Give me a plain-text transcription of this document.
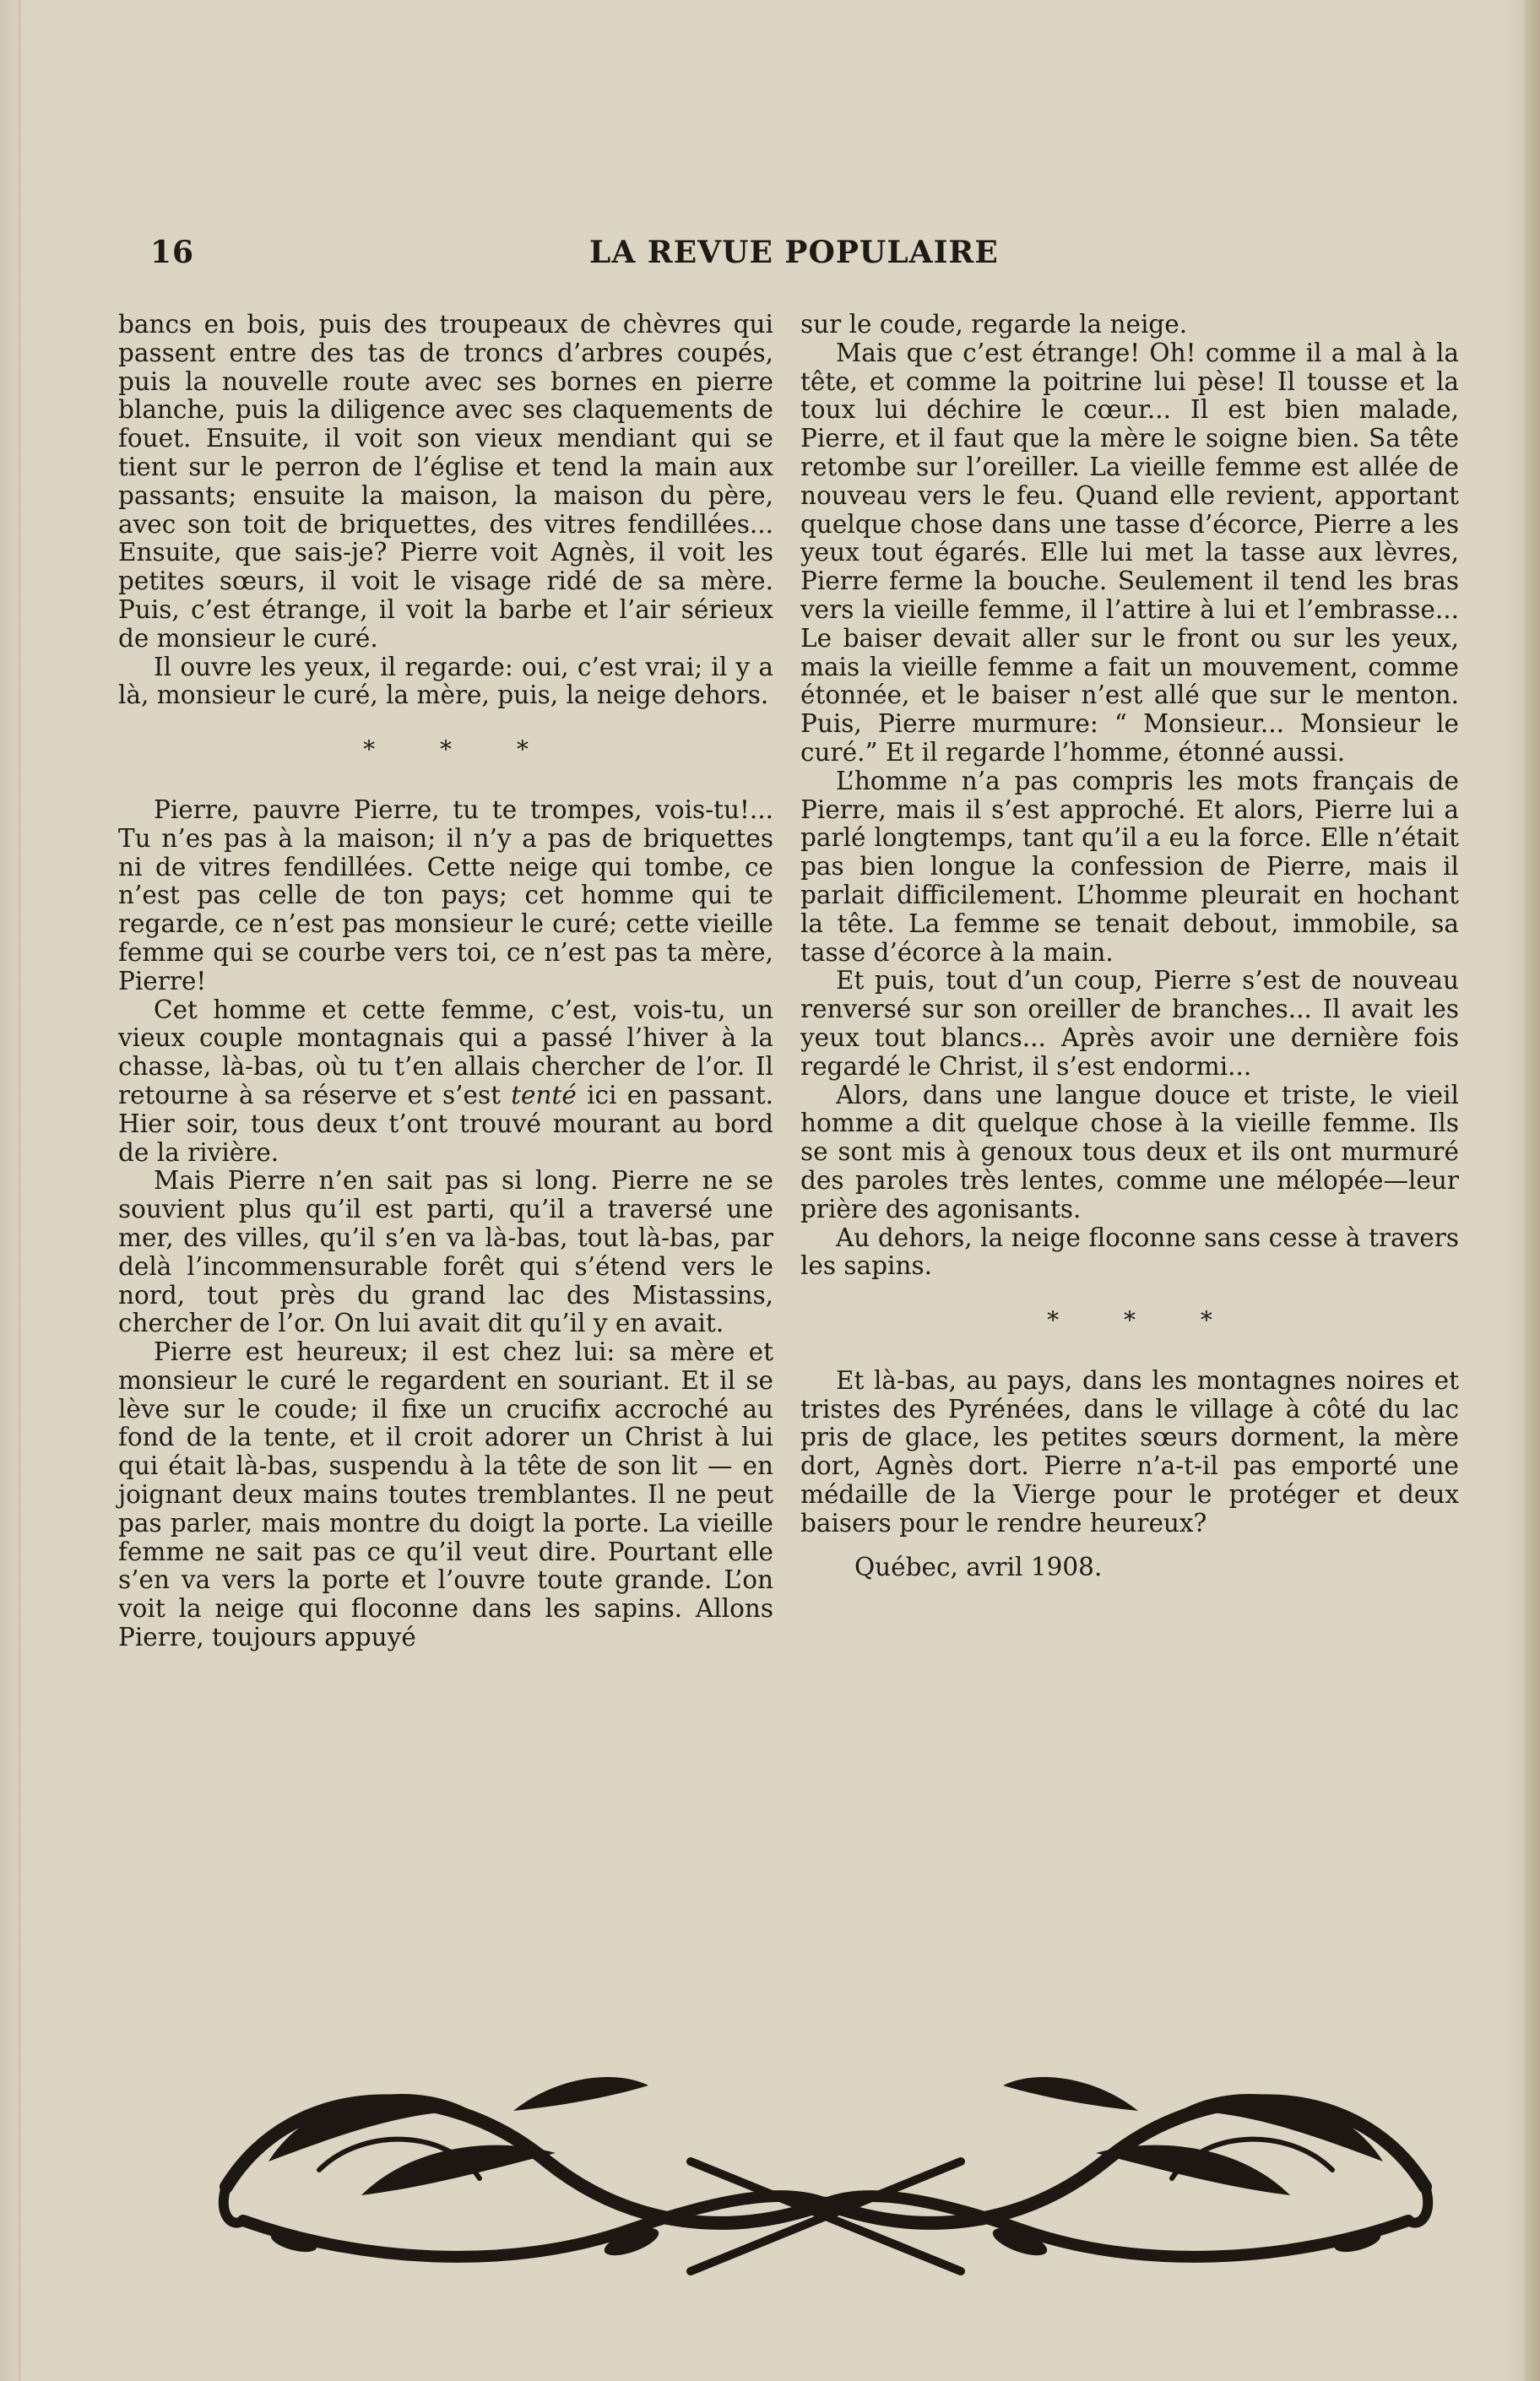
16	LA REVUE POPULAIRE

bancs en bois, puis des troupeaux de chèvres qui passent entre des tas de troncs d’arbres coupés, puis la nouvelle route avec ses bornes en pierre blanche, puis la diligence avec ses claquements de fouet. Ensuite, il voit son vieux mendiant qui se tient sur le perron de l’église et tend la main aux passants; ensuite la maison, la maison du père, avec son toit de briquettes, des vitres fendillées... Ensuite, que sais-je? Pierre voit Agnès, il voit les petites sœurs, il voit le visage ridé de sa mère. Puis, c’est étrange, il voit la barbe et l’air sérieux de monsieur le curé.

Il ouvre les yeux, il regarde: oui, c’est vrai; il y a là, monsieur le curé, la mère, puis, la neige dehors.

* * *

Pierre, pauvre Pierre, tu te trompes, vois-tu!... Tu n’es pas à la maison; il n’y a pas de briquettes ni de vitres fendillées. Cette neige qui tombe, ce n’est pas celle de ton pays; cet homme qui te regarde, ce n’est pas monsieur le curé; cette vieille femme qui se courbe vers toi, ce n’est pas ta mère, Pierre!

Cet homme et cette femme, c’est, vois-tu, un vieux couple montagnais qui a passé l’hiver à la chasse, là-bas, où tu t’en allais chercher de l’or. Il retourne à sa réserve et s’est tenté ici en passant. Hier soir, tous deux t’ont trouvé mourant au bord de la rivière.

Mais Pierre n’en sait pas si long. Pierre ne se souvient plus qu’il est parti, qu’il a traversé une mer, des villes, qu’il s’en va là-bas, tout là-bas, par delà l’incommensurable forêt qui s’étend vers le nord, tout près du grand lac des Mistassins, chercher de l’or. On lui avait dit qu’il y en avait.

Pierre est heureux; il est chez lui: sa mère et monsieur le curé le regardent en souriant. Et il se lève sur le coude; il fixe un crucifix accroché au fond de la tente, et il croit adorer un Christ à lui qui était là-bas, suspendu à la tête de son lit — en joignant deux mains toutes tremblantes. Il ne peut pas parler, mais montre du doigt la porte. La vieille femme ne sait pas ce qu’il veut dire. Pourtant elle s’en va vers la porte et l’ouvre toute grande. L’on voit la neige qui floconne dans les sapins. Allons Pierre, toujours appuyé

sur le coude, regarde la neige.

Mais que c’est étrange! Oh! comme il a mal à la tête, et comme la poitrine lui pèse! Il tousse et la toux lui déchire le cœur... Il est bien malade, Pierre, et il faut que la mère le soigne bien. Sa tête retombe sur l’oreiller. La vieille femme est allée de nouveau vers le feu. Quand elle revient, apportant quelque chose dans une tasse d’écorce, Pierre a les yeux tout égarés. Elle lui met la tasse aux lèvres, Pierre ferme la bouche. Seulement il tend les bras vers la vieille femme, il l’attire à lui et l’embrasse... Le baiser devait aller sur le front ou sur les yeux, mais la vieille femme a fait un mouvement, comme étonnée, et le baiser n’est allé que sur le menton. Puis, Pierre murmure: “ Monsieur... Monsieur le curé.” Et il regarde l’homme, étonné aussi.

L’homme n’a pas compris les mots français de Pierre, mais il s’est approché. Et alors, Pierre lui a parlé longtemps, tant qu’il a eu la force. Elle n’était pas bien longue la confession de Pierre, mais il parlait difficilement. L’homme pleurait en hochant la tête. La femme se tenait debout, immobile, sa tasse d’écorce à la main.

Et puis, tout d’un coup, Pierre s’est de nouveau renversé sur son oreiller de branches... Il avait les yeux tout blancs... Après avoir une dernière fois regardé le Christ, il s’est endormi...

Alors, dans une langue douce et triste, le vieil homme a dit quelque chose à la vieille femme. Ils se sont mis à genoux tous deux et ils ont murmuré des paroles très lentes, comme une mélopée—leur prière des agonisants.

Au dehors, la neige floconne sans cesse à travers les sapins.

* * *

Et là-bas, au pays, dans les montagnes noires et tristes des Pyrénées, dans le village à côté du lac pris de glace, les petites sœurs dorment, la mère dort, Agnès dort. Pierre n’a-t-il pas emporté une médaille de la Vierge pour le protéger et deux baisers pour le rendre heureux?

Québec, avril 1908.
